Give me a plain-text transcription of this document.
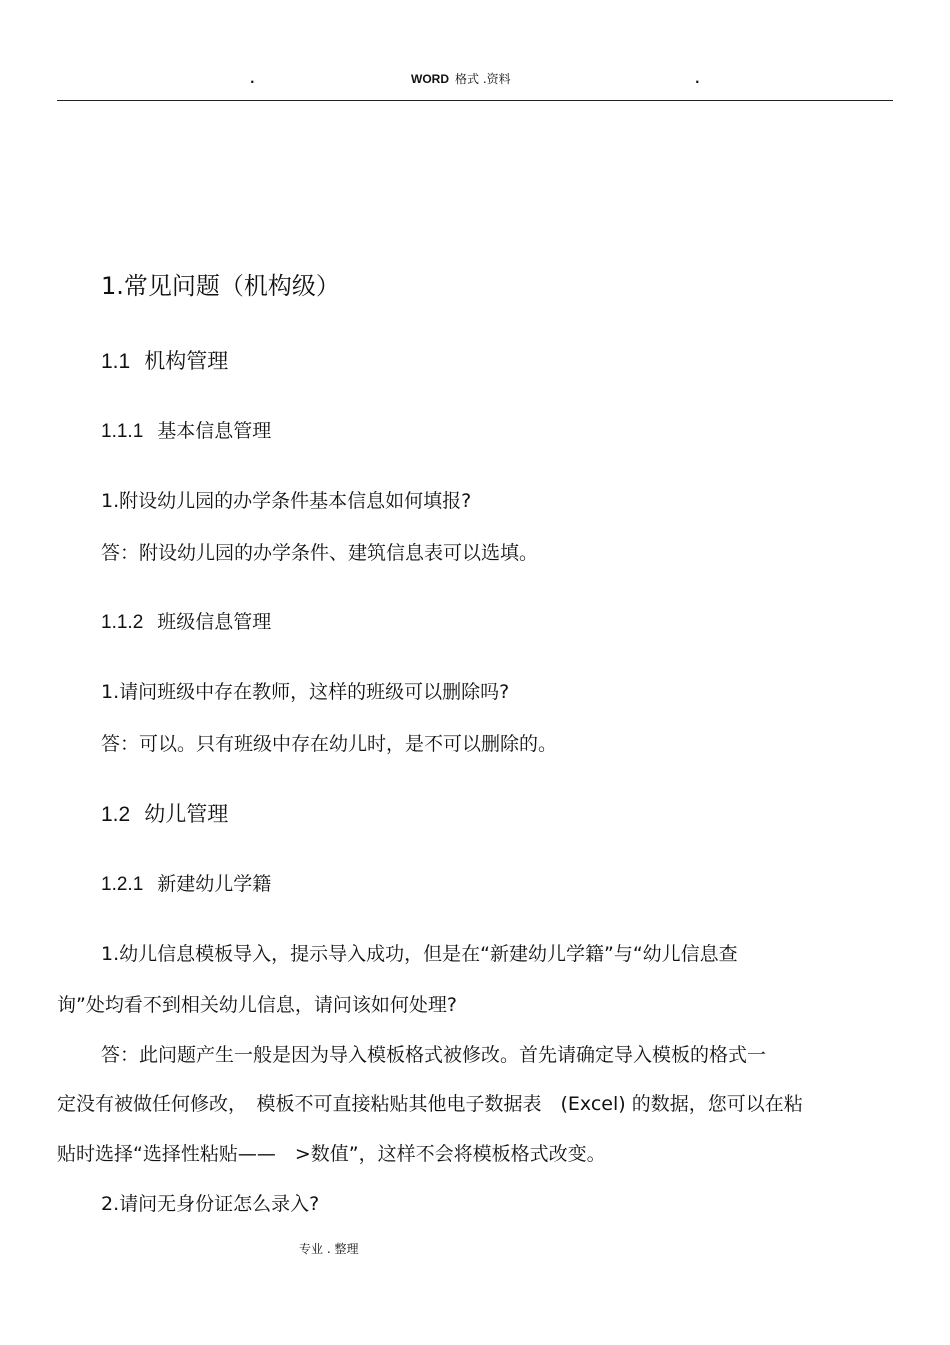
.	WORD 格式 .资料	.
1.常见问题（机构级）
1.1 机构管理
1.1.1 基本信息管理
1.附设幼儿园的办学条件基本信息如何填报?
答：附设幼儿园的办学条件、建筑信息表可以选填。
1.1.2 班级信息管理
1.请问班级中存在教师，这样的班级可以删除吗?
答：可以。只有班级中存在幼儿时，是不可以删除的。
1.2 幼儿管理
1.2.1 新建幼儿学籍
1.幼儿信息模板导入，提示导入成功，但是在“新建幼儿学籍”与“幼儿信息查
询”处均看不到相关幼儿信息，请问该如何处理?
答：此问题产生一般是因为导入模板格式被修改。首先请确定导入模板的格式一
定没有被做任何修改，　模板不可直接粘贴其他电子数据表　(Excel) 的数据，您可以在粘
贴时选择“选择性粘贴——　>数值”，这样不会将模板格式改变。
2.请问无身份证怎么录入?
专业 . 整理
